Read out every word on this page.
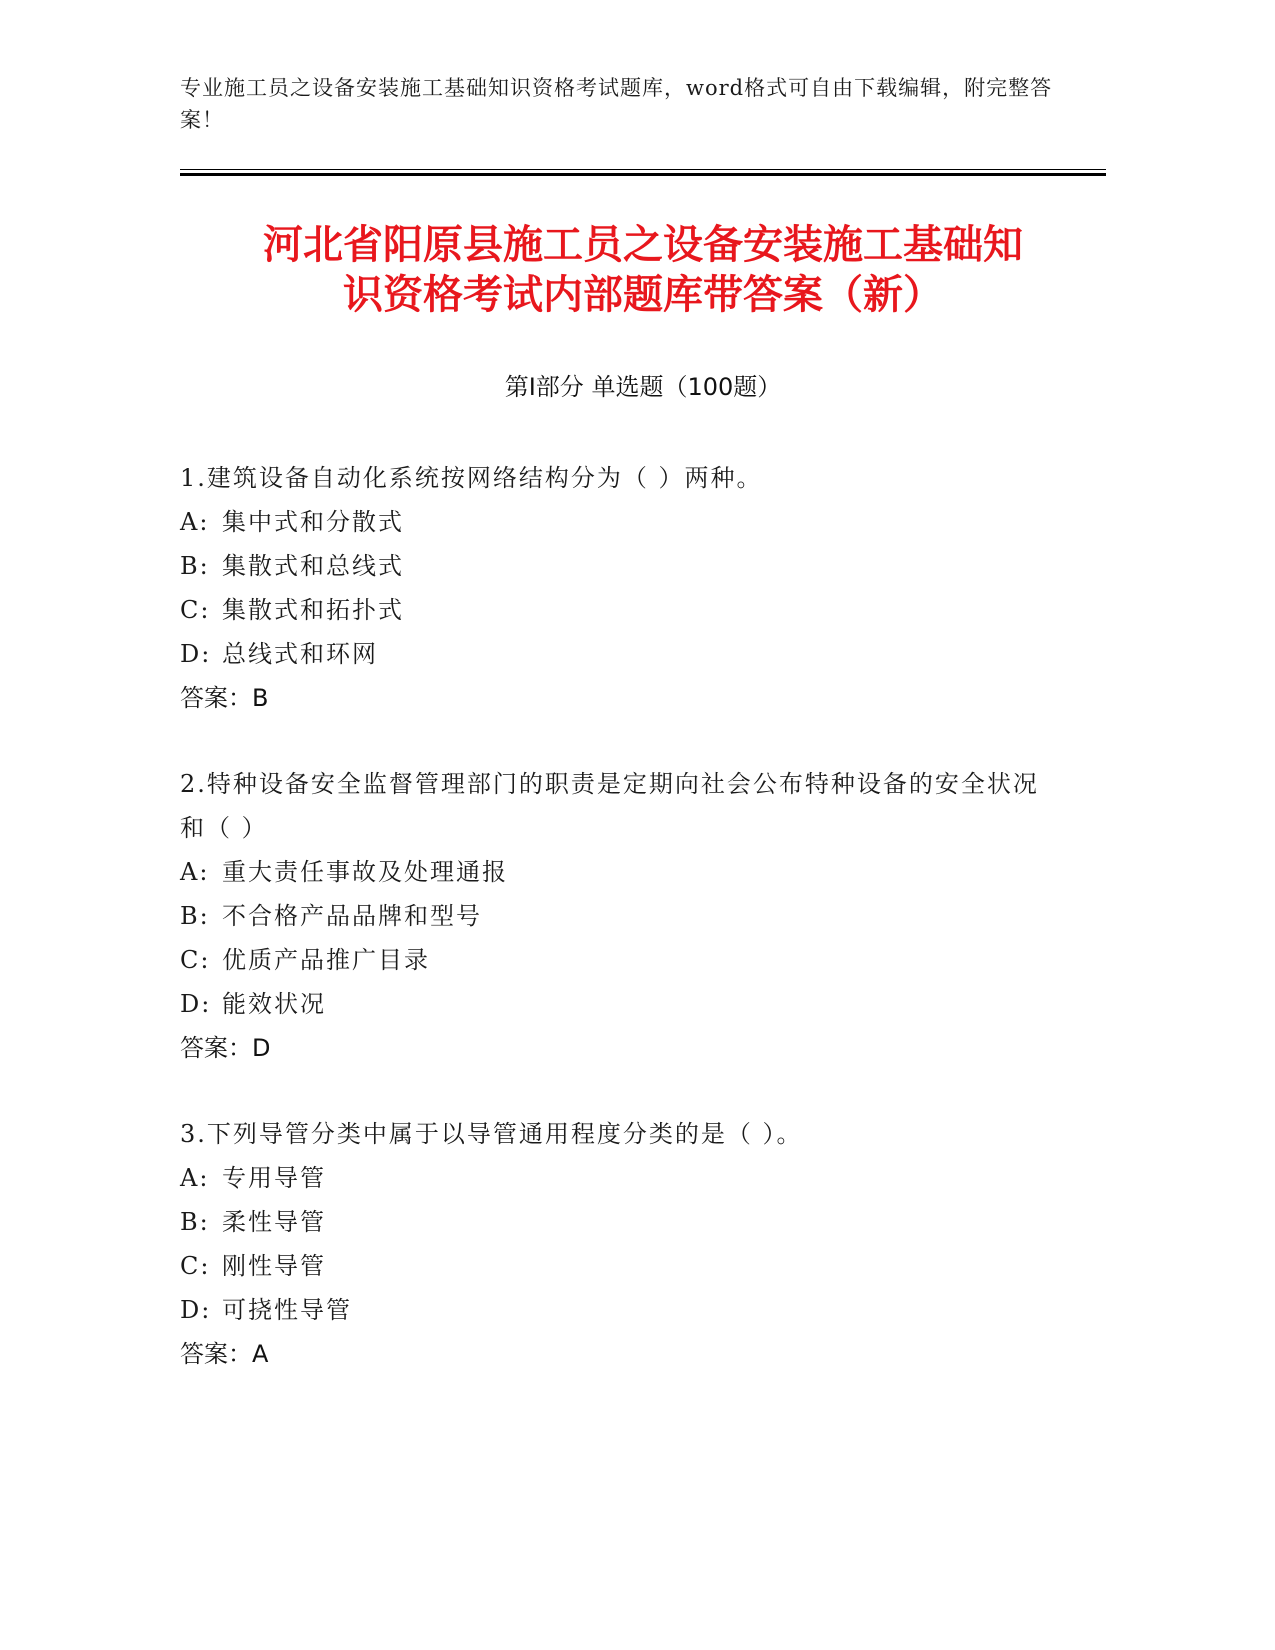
专业施工员之设备安装施工基础知识资格考试题库，word格式可自由下载编辑，附完整答案！
河北省阳原县施工员之设备安装施工基础知
识资格考试内部题库带答案（新）
第Ⅰ部分 单选题（100题）
1.建筑设备自动化系统按网络结构分为（ ）两种。
A: 集中式和分散式
B: 集散式和总线式
C: 集散式和拓扑式
D: 总线式和环网
答案：B
2.特种设备安全监督管理部门的职责是定期向社会公布特种设备的安全状况和（ ）
A: 重大责任事故及处理通报
B: 不合格产品品牌和型号
C: 优质产品推广目录
D: 能效状况
答案：D
3.下列导管分类中属于以导管通用程度分类的是（ ）。
A: 专用导管
B: 柔性导管
C: 刚性导管
D: 可挠性导管
答案：A
